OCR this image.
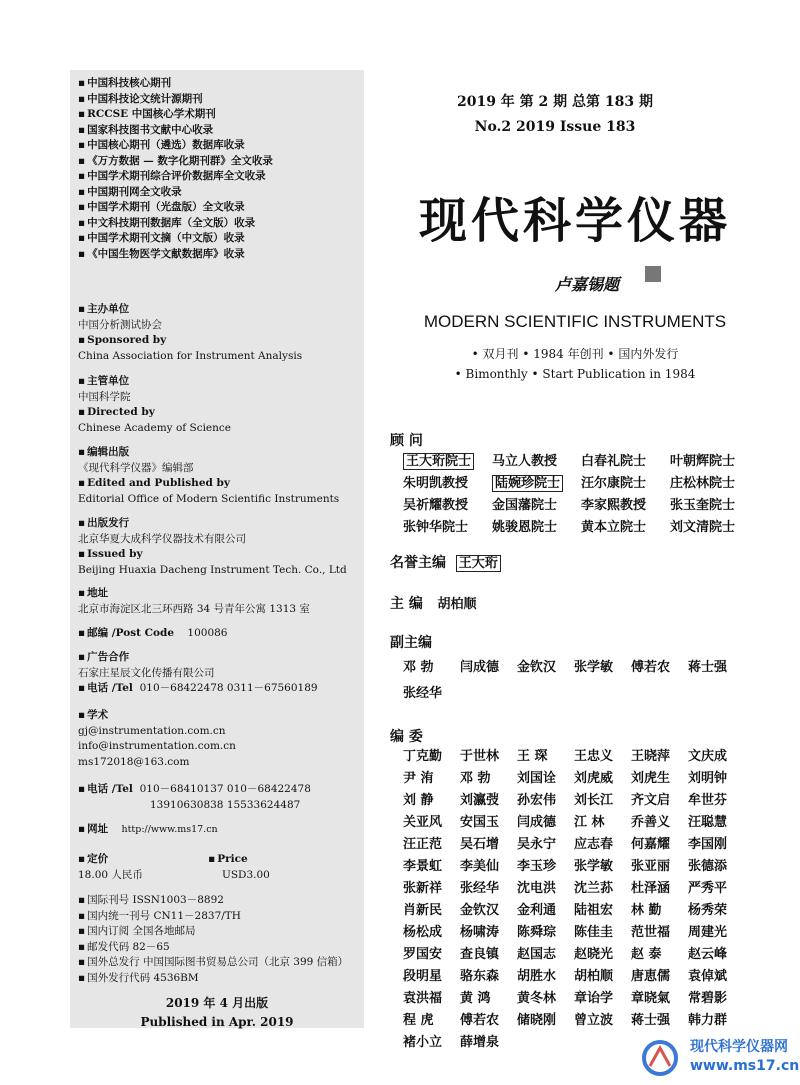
▪ 中国科技核心期刊
▪ 中国科技论文统计源期刊
▪ RCCSE 中国核心学术期刊
▪ 国家科技图书文献中心收录
▪ 中国核心期刊（遴选）数据库收录
▪ 《万方数据 — 数字化期刊群》全文收录
▪ 中国学术期刊综合评价数据库全文收录
▪ 中国期刊网全文收录
▪ 中国学术期刊（光盘版）全文收录
▪ 中文科技期刊数据库（全文版）收录
▪ 中国学术期刊文摘（中文版）收录
▪ 《中国生物医学文献数据库》收录
▪ 主办单位
中国分析测试协会
▪ Sponsored by
China Association for Instrument Analysis
▪ 主管单位
中国科学院
▪ Directed by
Chinese Academy of Science
▪ 编辑出版
《现代科学仪器》编辑部
▪ Edited and Published by
Editorial Office of Modern Scientific Instruments
▪ 出版发行
北京华夏大成科学仪器技术有限公司
▪ Issued by
Beijing Huaxia Dacheng Instrument Tech. Co., Ltd
▪ 地址
北京市海淀区北三环西路 34 号青年公寓 1313 室
▪ 邮编 /Post Code 100086
▪ 广告合作
石家庄星辰文化传播有限公司
▪ 电话 /Tel 010－68422478 0311－67560189
▪ 学术
gj@instrumentation.com.cn
info@instrumentation.com.cn
ms172018@163.com
▪ 电话 /Tel 010－68410137 010－68422478
13910630838 15533624487
▪ 网址 http://www.ms17.cn
▪ 定价▪	Price
18.00 人民币	USD3.00
▪ 国际刊号 ISSN1003－8892
▪ 国内统一刊号 CN11－2837/TH
▪ 国内订阅 全国各地邮局
▪ 邮发代码 82－65
▪ 国外总发行 中国国际图书贸易总公司（北京 399 信箱）
▪ 国外发行代码 4536BM
2019 年 4 月出版
Published in Apr. 2019
2019 年 第 2 期 总第 183 期
No.2 2019 Issue 183
现代科学仪器
卢嘉锡题
MODERN SCIENTIFIC INSTRUMENTS
• 双月刊 • 1984 年创刊 • 国内外发行
• Bimonthly • Start Publication in 1984
顾 问
王大珩院士	马立人教授	白春礼院士	叶朝辉院士
朱明凯教授	陆婉珍院士	汪尔康院士	庄松林院士
吴祈耀教授	金国藩院士	李家熙教授	张玉奎院士
张钟华院士	姚骏恩院士	黄本立院士	刘文清院士
名誉主编 王大珩
主 编 胡柏顺
副主编
邓 勃	闫成德	金钦汉	张学敏	傅若农	蒋士强
张经华
编 委
丁克勤	于世林	王 琛	王忠义	王晓萍	文庆成
尹 洧	邓 勃	刘国诠	刘虎威	刘虎生	刘明钟
刘 静	刘瀛弢	孙宏伟	刘长江	齐文启	牟世芬
关亚风	安国玉	闫成德	江 林	乔善义	汪聪慧
汪正范	吴石增	吴永宁	应志春	何嘉耀	李国刚
李景虹	李美仙	李玉珍	张学敏	张亚丽	张德添
张新祥	张经华	沈电洪	沈兰荪	杜泽涵	严秀平
肖新民	金钦汉	金利通	陆祖宏	林 勤	杨秀荣
杨松成	杨啸涛	陈舜琮	陈佳圭	范世福	周建光
罗国安	查良镇	赵国志	赵晓光	赵 泰	赵云峰
段明星	骆东森	胡胜水	胡柏顺	唐恵儒	袁倬斌
袁洪福	黄 鸿	黄冬林	章诒学	章晓氣	常碧影
程 虎	傅若农	储晓刚	曾立波	蒋士强	韩力群
褚小立	薛增泉	现代科学仪器网
www.ms17.cn
